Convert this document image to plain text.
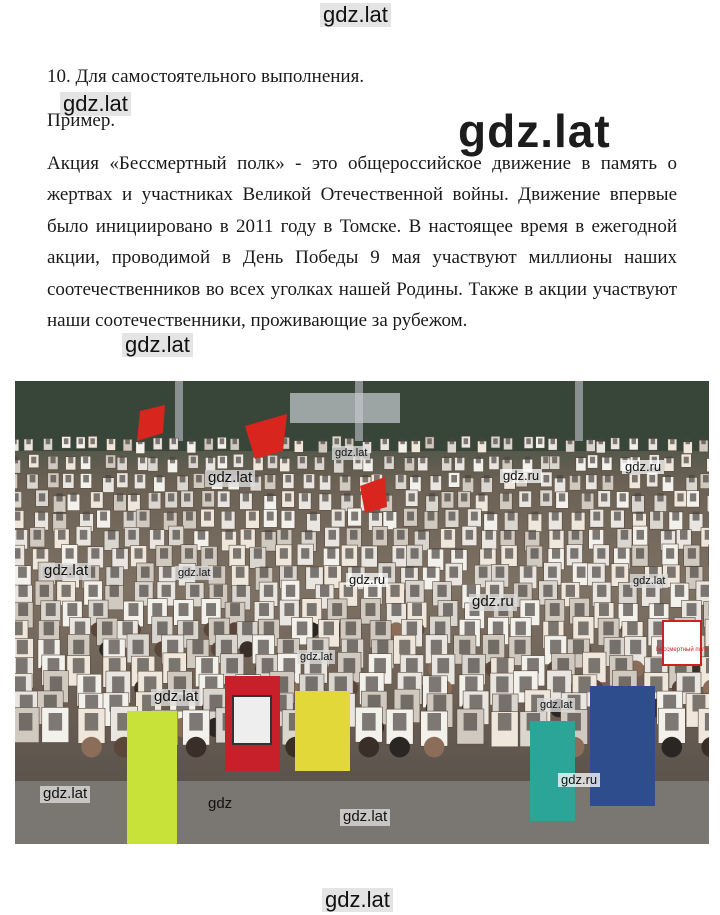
gdz.lat
10. Для самостоятельного выполнения.
gdz.lat
Пример.	gdz.lat

Акция «Бессмертный полк» - это общероссийское движение в память о жертвах и участниках Великой Отечественной войны. Движение впервые было инициировано в 2011 году в Томске. В настоящее время в ежегодной акции, проводимой в День Победы 9 мая участвуют миллионы наших соотечественников во всех уголках нашей Родины. Также в акции участвуют наши соотечественники, проживающие за рубежом.

gdz.lat
Бессмертный полк
gdz.lat
gdz.lat
gdz.ru
gdz.ru
gdz.lat	gdz.lat	gdz.ru	gdz.lat
gdz.ru
gdz.lat
gdz.lat	gdz.lat
gdz.ru
gdz.lat
gdz
gdz.lat
gdz.lat
